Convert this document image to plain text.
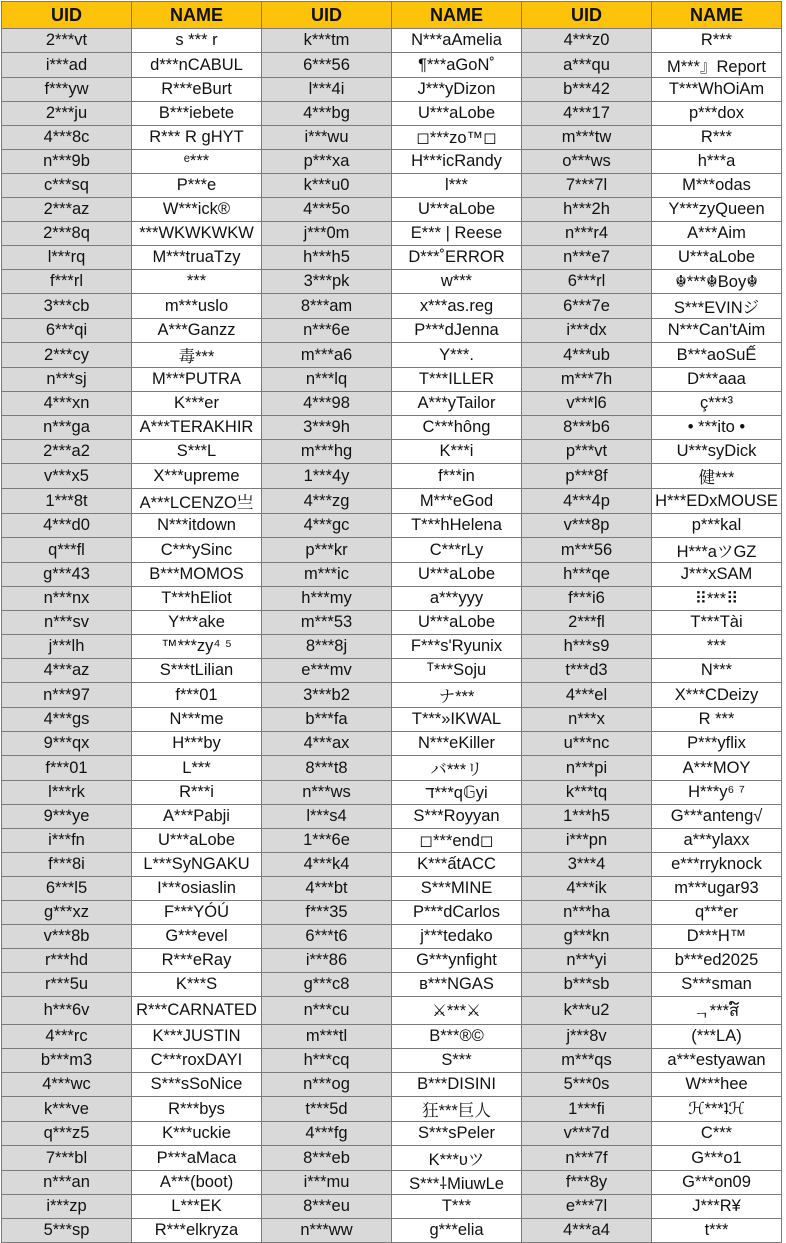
UID	NAME	UID	NAME	UID	NAME
2***vt	s *** r	k***tm	N***aAmelia	4***z0	R***
i***ad	d***nCABUL	6***56	¶***aGoN˚	a***qu	M***』Report
f***yw	R***eBurt	l***4i	J***yDizon	b***42	T***WhOiAm
2***ju	B***iebete	4***bg	U***aLobe	4***17	p***dox
4***8c	R*** R gHYT	i***wu	◻***zo™◻	m***tw	R***
n***9b	ᵉ***	p***xa	H***icRandy	o***ws	h***a
c***sq	P***e	k***u0	l***	7***7l	M***odas
2***az	W***ick®	4***5o	U***aLobe	h***2h	Y***zyQueen
2***8q	***WKWKWKW	j***0m	E*** | Reese	n***r4	A***Aim
l***rq	M***truaTzy	h***h5	D***˚ERROR	n***e7	U***aLobe
f***rl	***	3***pk	w***	6***rl	☬***☬Boy☬
3***cb	m***uslo	8***am	x***as.reg	6***7e	S***EVINジ
6***qi	A***Ganzz	n***6e	P***dJenna	i***dx	N***Can'tAim
2***cy	毒***	m***a6	Y***.	4***ub	B***aoSuẾ
n***sj	M***PUTRA	n***lq	T***ILLER	m***7h	D***aaa
4***xn	K***er	4***98	A***yTailor	v***l6	ç***³
n***ga	A***TERAKHIR	3***9h	C***hông	8***b6	• ***ito •
2***a2	S***L	m***hg	K***i	p***vt	U***syDick
v***x5	X***upreme	1***4y	f***in	p***8f	健***
1***8t	A***LCENZO亗	4***zg	M***eGod	4***4p	H***EDxMOUSE
4***d0	N***itdown	4***gc	T***hHelena	v***8p	p***kal
q***fl	C***ySinc	p***kr	C***rLy	m***56	H***aツGZ
g***43	B***MOMOS	m***ic	U***aLobe	h***qe	J***xSAM
n***nx	T***hEliot	h***my	a***yyy	f***i6	⠿***⠿
n***sv	Y***ake	m***53	U***aLobe	2***fl	T***Tài
j***lh	™***zy⁴ ⁵	8***8j	F***s'Ryunix	h***s9	***
4***az	S***tLilian	e***mv	ᵀ***Soju	t***d3	N***
n***97	f***01	3***b2	ナ***	4***el	X***CDeizy
4***gs	N***me	b***fa	T***»IKWAL	n***x	R ***
9***qx	H***by	4***ax	N***eKiller	u***nc	P***yflix
f***01	L***	8***t8	バ***リ	n***pi	A***MOY
l***rk	R***i	n***ws	ד***q𝔾yi	k***tq	H***y⁶ ⁷
9***ye	A***Pabji	l***s4	S***Royyan	1***h5	G***anteng√
i***fn	U***aLobe	1***6e	◻***end◻	i***pn	a***ylaxx
f***8i	L***SyNGAKU	4***k4	K***ấtACC	3***4	e***rryknock
6***l5	I***osiaslin	4***bt	S***MINE	4***ik	m***ugar93
g***xz	F***YÓÚ	f***35	P***dCarlos	n***ha	q***er
v***8b	G***evel	6***t6	j***tedako	g***kn	D***H™
r***hd	R***eRay	i***86	G***ynfight	n***yi	b***ed2025
r***5u	K***S	g***c8	в***NGAS	b***sb	S***sman
h***6v	R***CARNATED	n***cu	⚔***⚔	k***u2	ᆨ***ส໌
4***rc	K***JUSTIN	m***tl	B***®©	j***8v	(***LA)
b***m3	C***roxDAYI	h***cq	S***	m***qs	a***estyawan
4***wc	S***sSoNice	n***og	B***DISINI	5***0s	W***hee
k***ve	R***bys	t***5d	狂***巨人	1***fi	ℋ***ʇℋ
q***z5	K***uckie	4***fg	S***sPeler	v***7d	C***
7***bl	P***aMaca	8***eb	K***υツ	n***7f	G***o1
n***an	A***(boot)	i***mu	S***⸸MiuwLe	f***8y	G***on09
i***zp	L***EK	8***eu	T***	e***7l	J***R¥
5***sp	R***elkryza	n***ww	g***elia	4***a4	t***
